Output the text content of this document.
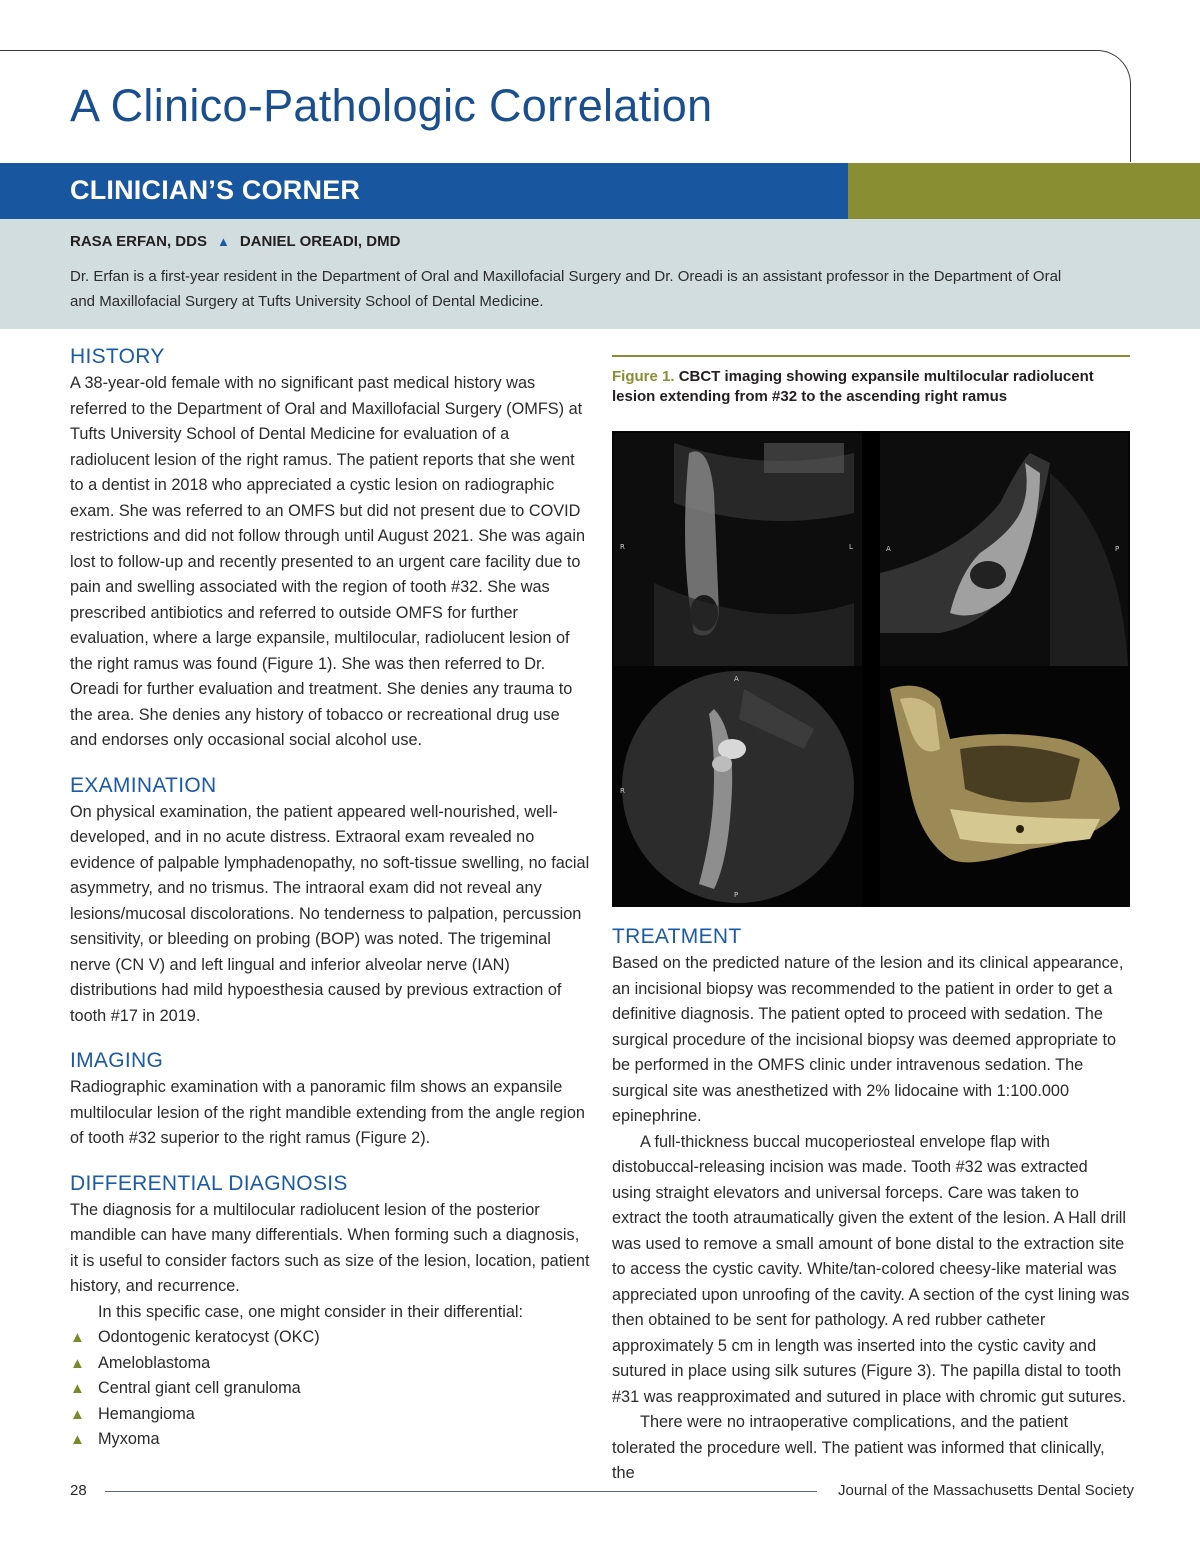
A Clinico-Pathologic Correlation
CLINICIAN’S CORNER
RASA ERFAN, DDS ▲ DANIEL OREADI, DMD

Dr. Erfan is a first-year resident in the Department of Oral and Maxillofacial Surgery and Dr. Oreadi is an assistant professor in the Department of Oral and Maxillofacial Surgery at Tufts University School of Dental Medicine.

HISTORY

A 38-year-old female with no significant past medical history was referred to the Department of Oral and Maxillofacial Surgery (OMFS) at Tufts University School of Dental Medicine for evaluation of a radiolucent lesion of the right ramus. The patient reports that she went to a dentist in 2018 who appreciated a cystic lesion on radiographic exam. She was referred to an OMFS but did not present due to COVID restrictions and did not follow through until August 2021. She was again lost to follow-up and recently presented to an urgent care facility due to pain and swelling associated with the region of tooth #32. She was prescribed antibiotics and referred to outside OMFS for further evaluation, where a large expansile, multilocular, radiolucent lesion of the right ramus was found (Figure 1). She was then referred to Dr. Oreadi for further evaluation and treatment. She denies any trauma to the area. She denies any history of tobacco or recreational drug use and endorses only occasional social alcohol use.

EXAMINATION

On physical examination, the patient appeared well-nourished, well-developed, and in no acute distress. Extraoral exam revealed no evidence of palpable lymphadenopathy, no soft-tissue swelling, no facial asymmetry, and no trismus. The intraoral exam did not reveal any lesions/mucosal discolorations. No tenderness to palpation, percussion sensitivity, or bleeding on probing (BOP) was noted. The trigeminal nerve (CN V) and left lingual and inferior alveolar nerve (IAN) distributions had mild hypoesthesia caused by previous extraction of tooth #17 in 2019.

IMAGING

Radiographic examination with a panoramic film shows an expansile multilocular lesion of the right mandible extending from the angle region of tooth #32 superior to the right ramus (Figure 2).

DIFFERENTIAL DIAGNOSIS

The diagnosis for a multilocular radiolucent lesion of the posterior mandible can have many differentials. When forming such a diagnosis, it is useful to consider factors such as size of the lesion, location, patient history, and recurrence.

In this specific case, one might consider in their differential:

▲ Odontogenic keratocyst (OKC)
▲ Ameloblastoma
▲ Central giant cell granuloma
▲ Hemangioma
▲ Myxoma

Figure 1. CBCT imaging showing expansile multilocular radiolucent lesion extending from #32 to the ascending right ramus

R	L	A	P
R
A
P
TREATMENT

Based on the predicted nature of the lesion and its clinical appearance, an incisional biopsy was recommended to the patient in order to get a definitive diagnosis. The patient opted to proceed with sedation. The surgical procedure of the incisional biopsy was deemed appropriate to be performed in the OMFS clinic under intravenous sedation. The surgical site was anesthetized with 2% lidocaine with 1:100.000 epinephrine.

A full-thickness buccal mucoperiosteal envelope flap with distobuccal-releasing incision was made. Tooth #32 was extracted using straight elevators and universal forceps. Care was taken to extract the tooth atraumatically given the extent of the lesion. A Hall drill was used to remove a small amount of bone distal to the extraction site to access the cystic cavity. White/tan-colored cheesy-like material was appreciated upon unroofing of the cavity. A section of the cyst lining was then obtained to be sent for pathology. A red rubber catheter approximately 5 cm in length was inserted into the cystic cavity and sutured in place using silk sutures (Figure 3). The papilla distal to tooth #31 was reapproximated and sutured in place with chromic gut sutures.

There were no intraoperative complications, and the patient tolerated the procedure well. The patient was informed that clinically, the

28	Journal of the Massachusetts Dental Society
